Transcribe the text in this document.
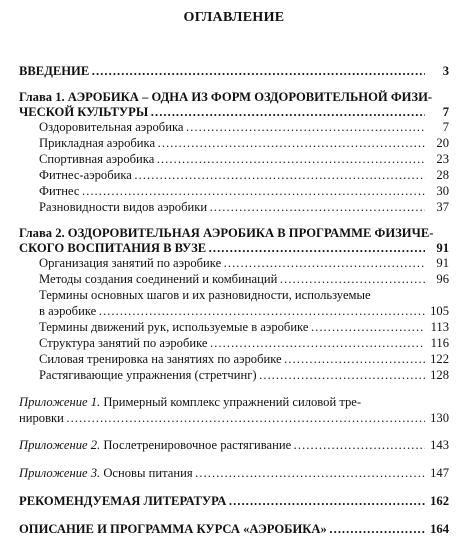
ОГЛАВЛЕНИЕ
ВВЕДЕНИЕ ……………………………………………………………………………………………………………………………………	3
Глава 1. АЭРОБИКА – ОДНА ИЗ ФОРМ ОЗДОРОВИТЕЛЬНОЙ ФИЗИ-
ЧЕСКОЙ КУЛЬТУРЫ ……………………………………………………………………………………………………………………………………	7
Оздоровительная аэробика ……………………………………………………………………………………………………………………………………	7
Прикладная аэробика ……………………………………………………………………………………………………………………………………	20
Спортивная аэробика ……………………………………………………………………………………………………………………………………	23
Фитнес-аэробика ……………………………………………………………………………………………………………………………………	28
Фитнес ……………………………………………………………………………………………………………………………………	30
Разновидности видов аэробики ……………………………………………………………………………………………………………………………………	37
Глава 2. ОЗДОРОВИТЕЛЬНАЯ АЭРОБИКА В ПРОГРАММЕ ФИЗИЧЕ-
СКОГО ВОСПИТАНИЯ В ВУЗЕ ……………………………………………………………………………………………………………………………………	91
Организация занятий по аэробике ……………………………………………………………………………………………………………………………………	91
Методы создания соединений и комбинаций ……………………………………………………………………………………………………………………………………	96
Термины основных шагов и их разновидности, используемые
в аэробике ……………………………………………………………………………………………………………………………………	105
Термины движений рук, используемые в аэробике ……………………………………………………………………………………………………………………………………	113
Структура занятий по аэробике ……………………………………………………………………………………………………………………………………	116
Силовая тренировка на занятиях по аэробике ……………………………………………………………………………………………………………………………………	122
Растягивающие упражнения (стретчинг) ……………………………………………………………………………………………………………………………………	128
Приложение 1. Примерный комплекс упражнений силовой тре-
нировки ……………………………………………………………………………………………………………………………………	130
Приложение 2. Послетренировочное растягивание ……………………………………………………………………………………………………………………………………	143
Приложение 3. Основы питания ……………………………………………………………………………………………………………………………………	147
РЕКОМЕНДУЕМАЯ ЛИТЕРАТУРА ……………………………………………………………………………………………………………………………………	162
ОПИСАНИЕ И ПРОГРАММА КУРСА «АЭРОБИКА» ……………………………………………………………………………………………………………………………………	164
